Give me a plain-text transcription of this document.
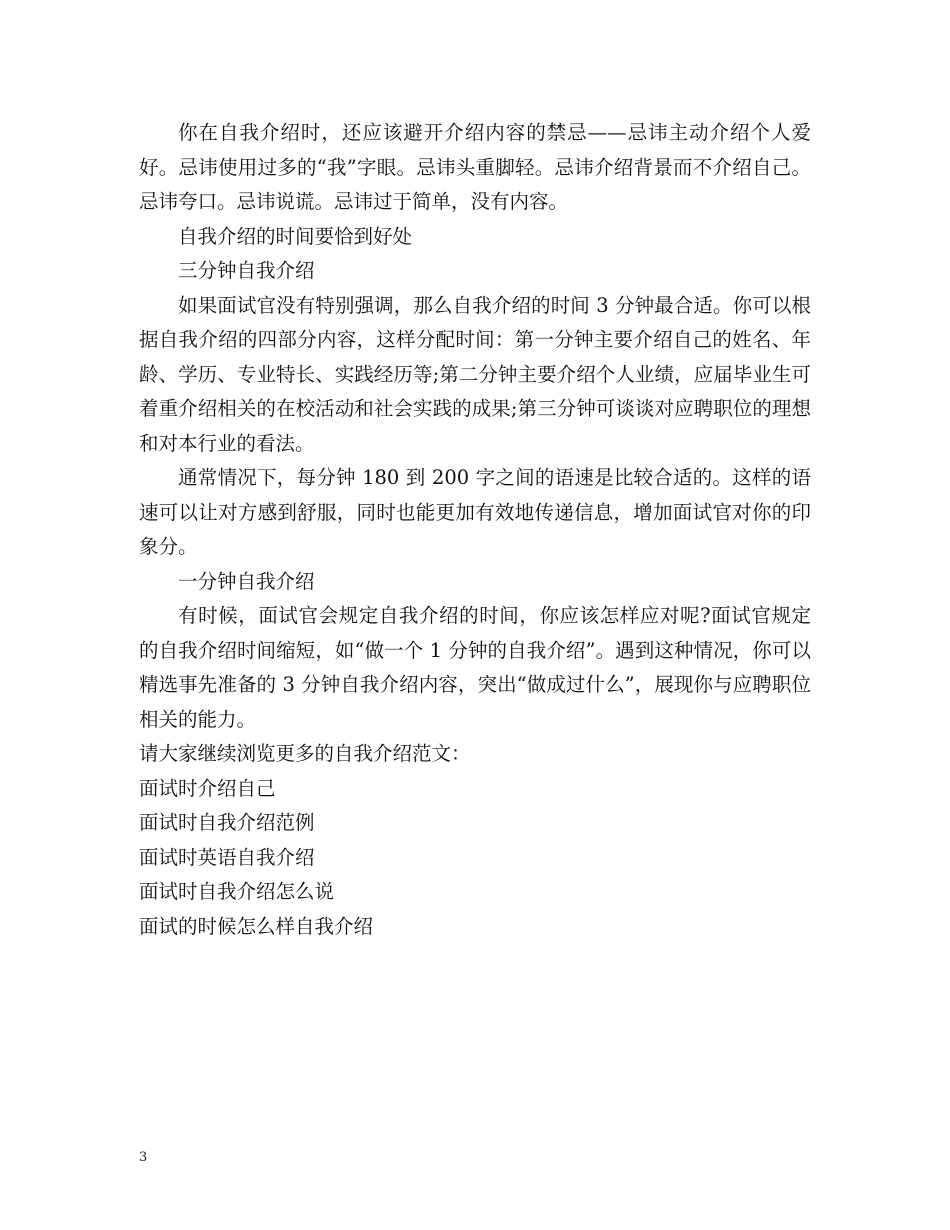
你在自我介绍时，还应该避开介绍内容的禁忌——忌讳主动介绍个人爱好。忌讳使用过多的“我”字眼。忌讳头重脚轻。忌讳介绍背景而不介绍自己。忌讳夸口。忌讳说谎。忌讳过于简单，没有内容。

自我介绍的时间要恰到好处

三分钟自我介绍

如果面试官没有特别强调，那么自我介绍的时间 3 分钟最合适。你可以根据自我介绍的四部分内容，这样分配时间：第一分钟主要介绍自己的姓名、年龄、学历、专业特长、实践经历等;第二分钟主要介绍个人业绩，应届毕业生可着重介绍相关的在校活动和社会实践的成果;第三分钟可谈谈对应聘职位的理想和对本行业的看法。

通常情况下，每分钟 180 到 200 字之间的语速是比较合适的。这样的语速可以让对方感到舒服，同时也能更加有效地传递信息，增加面试官对你的印象分。

一分钟自我介绍

有时候，面试官会规定自我介绍的时间，你应该怎样应对呢?面试官规定的自我介绍时间缩短，如“做一个 1 分钟的自我介绍”。遇到这种情况，你可以精选事先准备的 3 分钟自我介绍内容，突出“做成过什么”，展现你与应聘职位相关的能力。

请大家继续浏览更多的自我介绍范文：

面试时介绍自己

面试时自我介绍范例

面试时英语自我介绍

面试时自我介绍怎么说

面试的时候怎么样自我介绍

3
